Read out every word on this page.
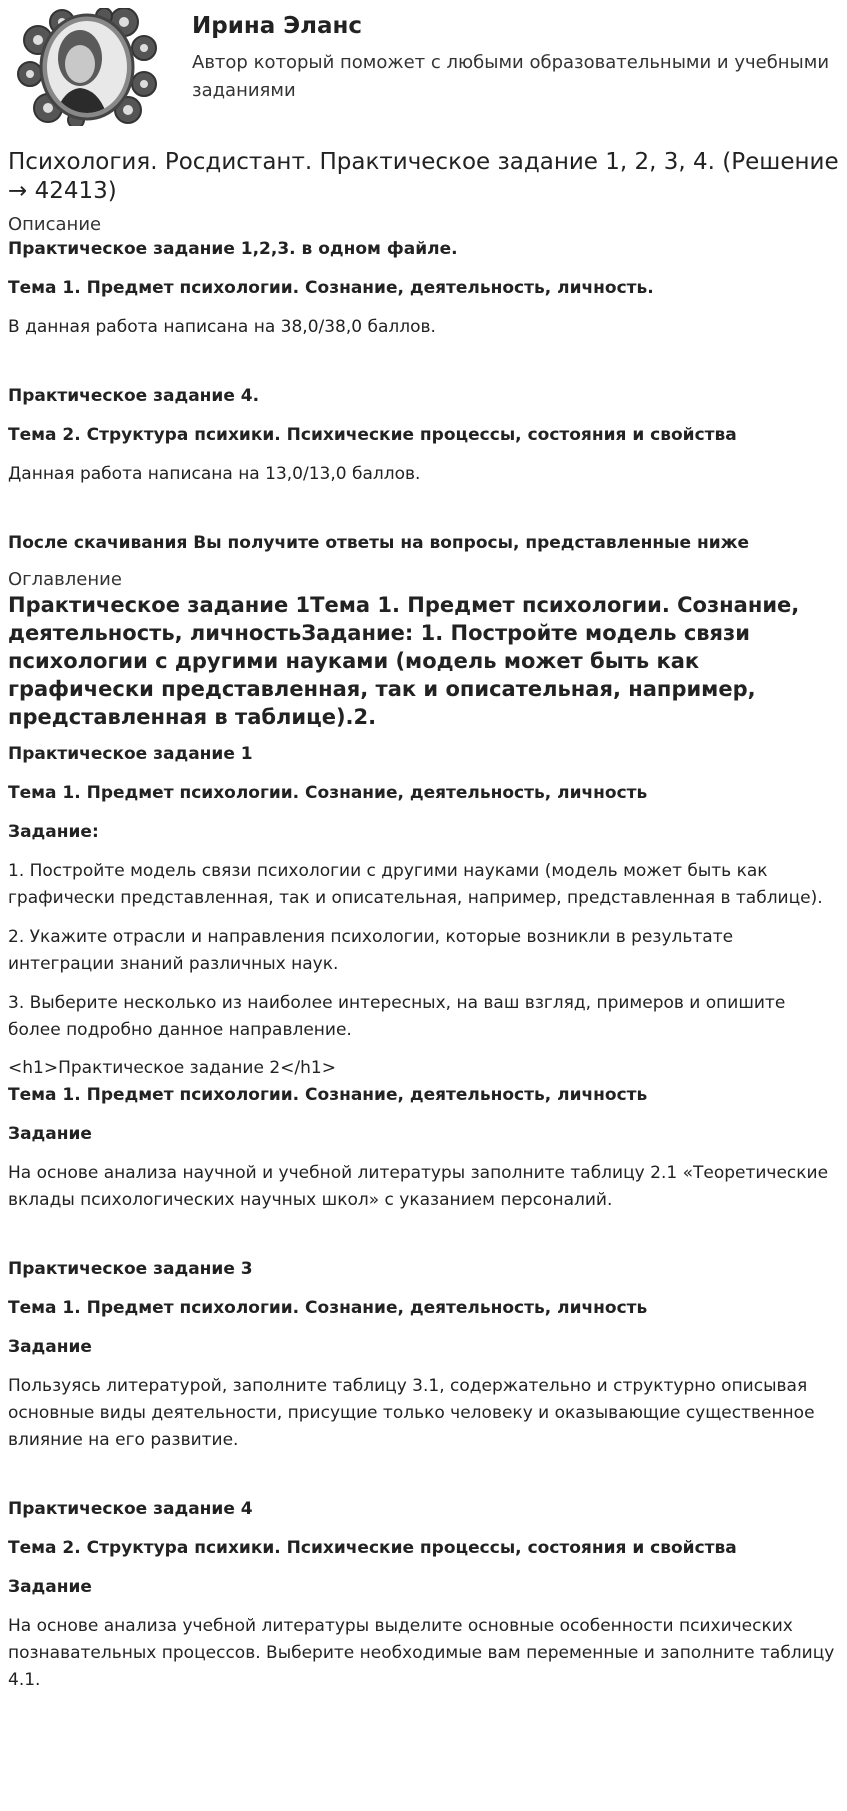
Ирина Эланс

Автор который поможет с любыми образовательными и учебными заданиями

Психология. Росдистант. Практическое задание 1, 2, 3, 4. (Решение → 42413)

Описание

Практическое задание 1,2,3. в одном файле.

Тема 1. Предмет психологии. Сознание, деятельность, личность.

В данная работа написана на 38,0/38,0 баллов.

Практическое задание 4.

Тема 2. Структура психики. Психические процессы, состояния и свойства

Данная работа написана на 13,0/13,0 баллов.

После скачивания Вы получите ответы на вопросы, представленные ниже

Оглавление

Практическое задание 1Тема 1. Предмет психологии. Сознание, деятельность, личностьЗадание: 1. Постройте модель связи психологии с другими науками (модель может быть как графически представленная, так и описательная, например, представленная в таблице).2.

Практическое задание 1

Тема 1. Предмет психологии. Сознание, деятельность, личность

Задание:

1. Постройте модель связи психологии с другими науками (модель может быть как графически представленная, так и описательная, например, представленная в таблице).

2. Укажите отрасли и направления психологии, которые возникли в результате интеграции знаний различных наук.

3. Выберите несколько из наиболее интересных, на ваш взгляд, примеров и опишите более подробно данное направление.

<h1>Практическое задание 2</h1>

Тема 1. Предмет психологии. Сознание, деятельность, личность

Задание

На основе анализа научной и учебной литературы заполните таблицу 2.1 «Теоретические вклады психологических научных школ» с указанием персоналий.

Практическое задание 3

Тема 1. Предмет психологии. Сознание, деятельность, личность

Задание

Пользуясь литературой, заполните таблицу 3.1, содержательно и структурно описывая основные виды деятельности, присущие только человеку и оказывающие существенное влияние на его развитие.

Практическое задание 4

Тема 2. Структура психики. Психические процессы, состояния и свойства

Задание

На основе анализа учебной литературы выделите основные особенности психических познавательных процессов. Выберите необходимые вам переменные и заполните таблицу 4.1.
